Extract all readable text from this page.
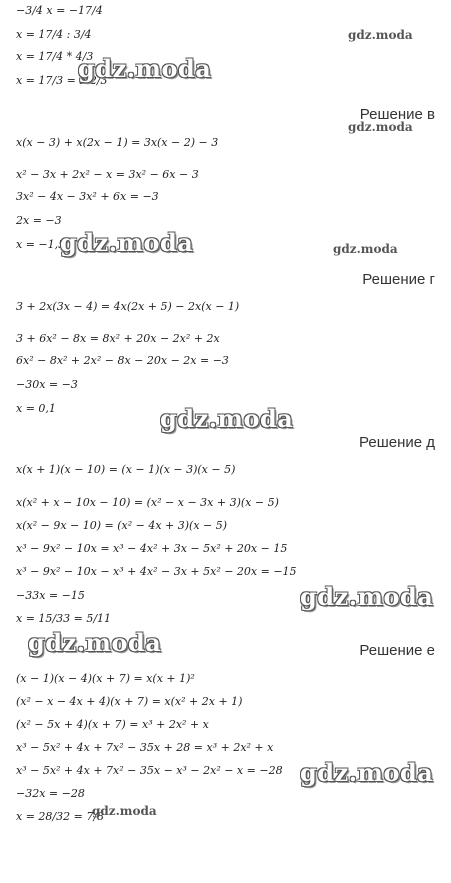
−3/4 x = −17/4
x = 17/4 : 3/4
x = 17/4 * 4/3
x = 17/3 = 5 2/3
Решение в
x(x − 3) + x(2x − 1) = 3x(x − 2) − 3
x² − 3x + 2x² − x = 3x² − 6x − 3
3x² − 4x − 3x² + 6x = −3
2x = −3
x = −1,5
Решение г
3 + 2x(3x − 4) = 4x(2x + 5) − 2x(x − 1)
3 + 6x² − 8x = 8x² + 20x − 2x² + 2x
6x² − 8x² + 2x² − 8x − 20x − 2x = −3
−30x = −3
x = 0,1
Решение д
x(x + 1)(x − 10) = (x − 1)(x − 3)(x − 5)
x(x² + x − 10x − 10) = (x² − x − 3x + 3)(x − 5)
x(x² − 9x − 10) = (x² − 4x + 3)(x − 5)
x³ − 9x² − 10x = x³ − 4x² + 3x − 5x² + 20x − 15
x³ − 9x² − 10x − x³ + 4x² − 3x + 5x² − 20x = −15
−33x = −15
x = 15/33 = 5/11
Решение е
(x − 1)(x − 4)(x + 7) = x(x + 1)²
(x² − x − 4x + 4)(x + 7) = x(x² + 2x + 1)
(x² − 5x + 4)(x + 7) = x³ + 2x² + x
x³ − 5x² + 4x + 7x² − 35x + 28 = x³ + 2x² + x
x³ − 5x² + 4x + 7x² − 35x − x³ − 2x² − x = −28
−32x = −28
x = 28/32 = 7/8
gdz.moda
gdz.moda
gdz.moda
gdz.moda	gdz.moda
gdz.moda
gdz.moda
gdz.moda
gdz.moda
gdz.moda
